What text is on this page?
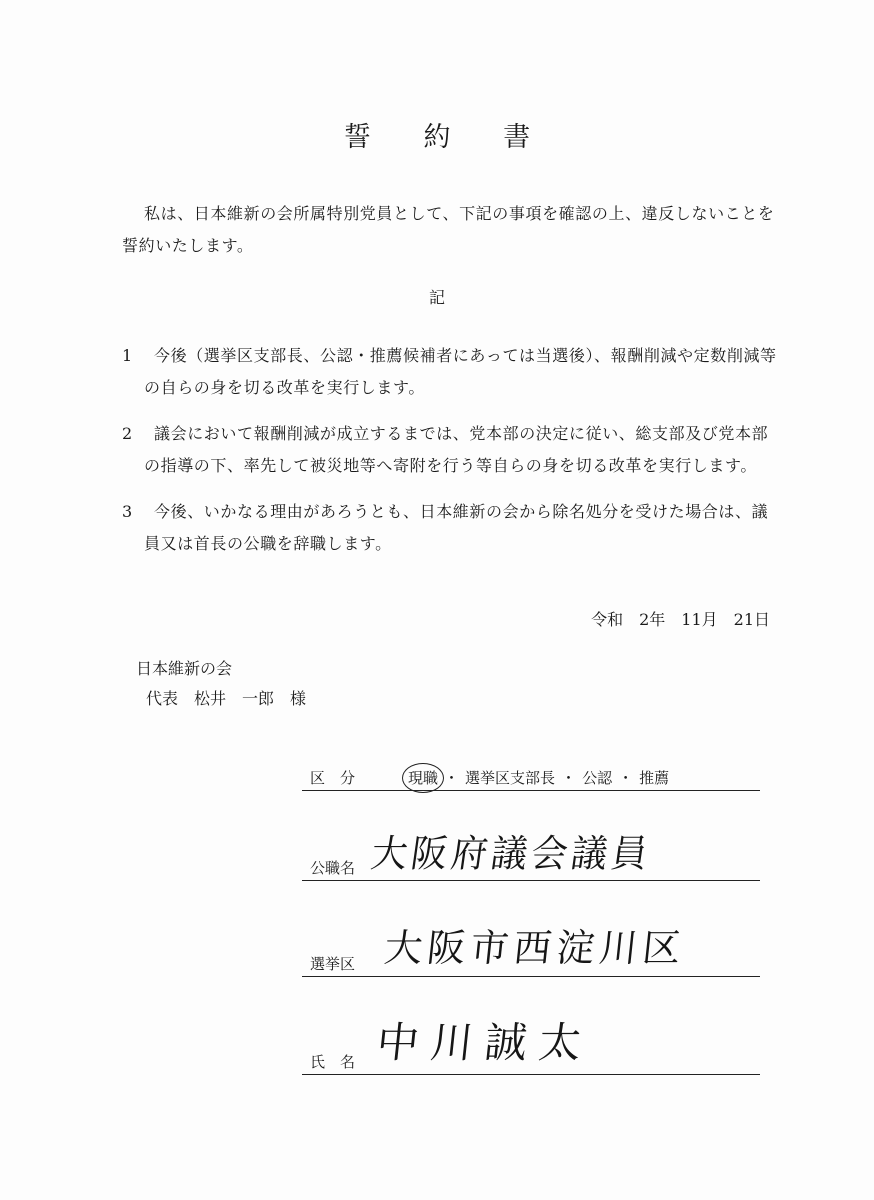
誓 約 書
私は、日本維新の会所属特別党員として、下記の事項を確認の上、違反しないことを誓約いたします。
記
1	今後（選挙区支部長、公認・推薦候補者にあっては当選後）、報酬削減や定数削減等の自らの身を切る改革を実行します。
2	議会において報酬削減が成立するまでは、党本部の決定に従い、総支部及び党本部の指導の下、率先して被災地等へ寄附を行う等自らの身を切る改革を実行します。
3	今後、いかなる理由があろうとも、日本維新の会から除名処分を受けた場合は、議員又は首長の公職を辞職します。
令和　2年　11月　21日
日本維新の会
代表　松井　一郎　様
区　分	現職 ・ 選挙区支部長 ・ 公認 ・ 推薦
公職名 大阪府議会議員
選挙区 大阪市西淀川区
氏　名 中川誠太
